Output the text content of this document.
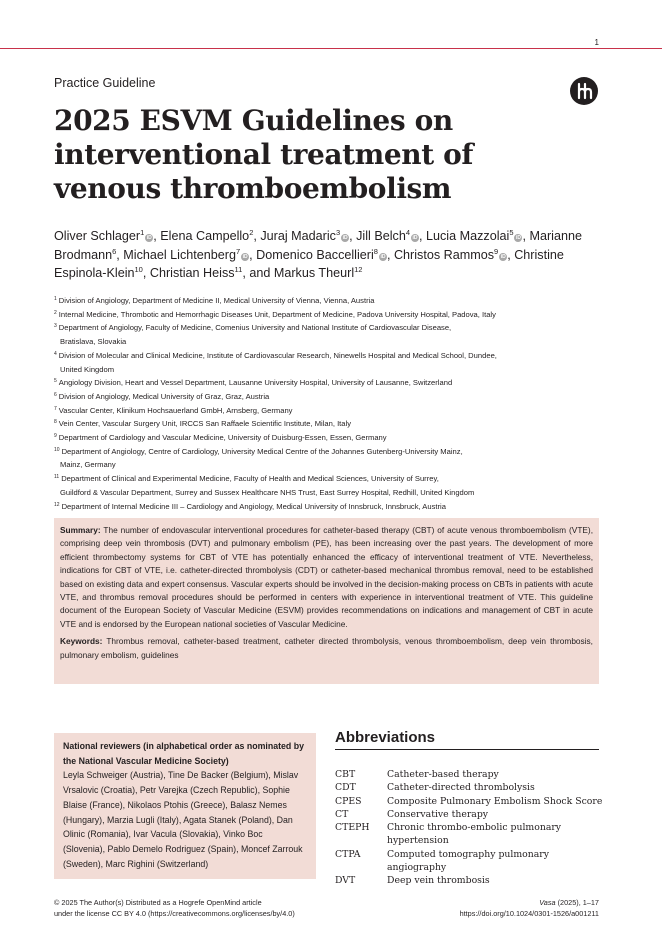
1
Practice Guideline
2025 ESVM Guidelines on interventional treatment of venous thromboembolism
Oliver Schlager$^1$iD , Elena Campello$^2$, Juraj Madaric$^3$iD , Jill Belch$^4$iD , Lucia Mazzolai$^5$iD , Marianne Brodmann$^6$, Michael Lichtenberg$^7$iD , Domenico Baccellieri$^8$iD , Christos Rammos$^9$iD , Christine Espinola-Klein$^{10}$, Christian Heiss$^{11}$, and Markus Theurl$^{12}$
$^1$ Division of Angiology, Department of Medicine II, Medical University of Vienna, Vienna, Austria
$^2$ Internal Medicine, Thrombotic and Hemorrhagic Diseases Unit, Department of Medicine, Padova University Hospital, Padova, Italy
$^3$ Department of Angiology, Faculty of Medicine, Comenius University and National Institute of Cardiovascular Disease,
Bratislava, Slovakia
$^4$ Division of Molecular and Clinical Medicine, Institute of Cardiovascular Research, Ninewells Hospital and Medical School, Dundee,
United Kingdom
$^5$ Angiology Division, Heart and Vessel Department, Lausanne University Hospital, University of Lausanne, Switzerland
$^6$ Division of Angiology, Medical University of Graz, Graz, Austria
$^7$ Vascular Center, Klinikum Hochsauerland GmbH, Arnsberg, Germany
$^8$ Vein Center, Vascular Surgery Unit, IRCCS San Raffaele Scientific Institute, Milan, Italy
$^9$ Department of Cardiology and Vascular Medicine, University of Duisburg-Essen, Essen, Germany
$^{10}$ Department of Angiology, Centre of Cardiology, University Medical Centre of the Johannes Gutenberg-University Mainz,
Mainz, Germany
$^{11}$ Department of Clinical and Experimental Medicine, Faculty of Health and Medical Sciences, University of Surrey,
Guildford & Vascular Department, Surrey and Sussex Healthcare NHS Trust, East Surrey Hospital, Redhill, United Kingdom
$^{12}$ Department of Internal Medicine III – Cardiology and Angiology, Medical University of Innsbruck, Innsbruck, Austria

Summary: The number of endovascular interventional procedures for catheter-based therapy (CBT) of acute venous thromboembolism (VTE), comprising deep vein thrombosis (DVT) and pulmonary embolism (PE), has been increasing over the past years. The development of more efficient thrombectomy systems for CBT of VTE has potentially enhanced the efficacy of interventional treatment of VTE. Nevertheless, indications for CBT of VTE, i.e. catheter-directed thrombolysis (CDT) or catheter-based mechanical thrombus removal, need to be established based on existing data and expert consensus. Vascular experts should be involved in the decision-making process on CBTs in patients with acute VTE, and thrombus removal procedures should be performed in centers with experience in interventional treatment of VTE. This guideline document of the European Society of Vascular Medicine (ESVM) provides recommendations on indications and management of CBT in acute VTE and is endorsed by the European national societies of Vascular Medicine.

Keywords: Thrombus removal, catheter-based treatment, catheter directed thrombolysis, venous thromboembolism, deep vein thrombosis, pulmonary embolism, guidelines

National reviewers (in alphabetical order as nominated by the National Vascular Medicine Society)
Leyla Schweiger (Austria), Tine De Backer (Belgium), Mislav Vrsalovic (Croatia), Petr Varejka (Czech Republic), Sophie Blaise (France), Nikolaos Ptohis (Greece), Balasz Nemes (Hungary), Marzia Lugli (Italy), Agata Stanek (Poland), Dan Olinic (Romania), Ivar Vacula (Slovakia), Vinko Boc (Slovenia), Pablo Demelo Rodriguez (Spain), Moncef Zarrouk (Sweden), Marc Righini (Switzerland)
Abbreviations
CBT	Catheter-based therapy
CDT	Catheter-directed thrombolysis
CPES	Composite Pulmonary Embolism Shock Score
CT	Conservative therapy
CTEPH	Chronic thrombo-embolic pulmonary hypertension
CTPA	Computed tomography pulmonary angiography
DVT	Deep vein thrombosis
© 2025 The Author(s) Distributed as a Hogrefe OpenMind article
under the license CC BY 4.0 (https://creativecommons.org/licenses/by/4.0)
Vasa (2025), 1–17
https://doi.org/10.1024/0301-1526/a001211
